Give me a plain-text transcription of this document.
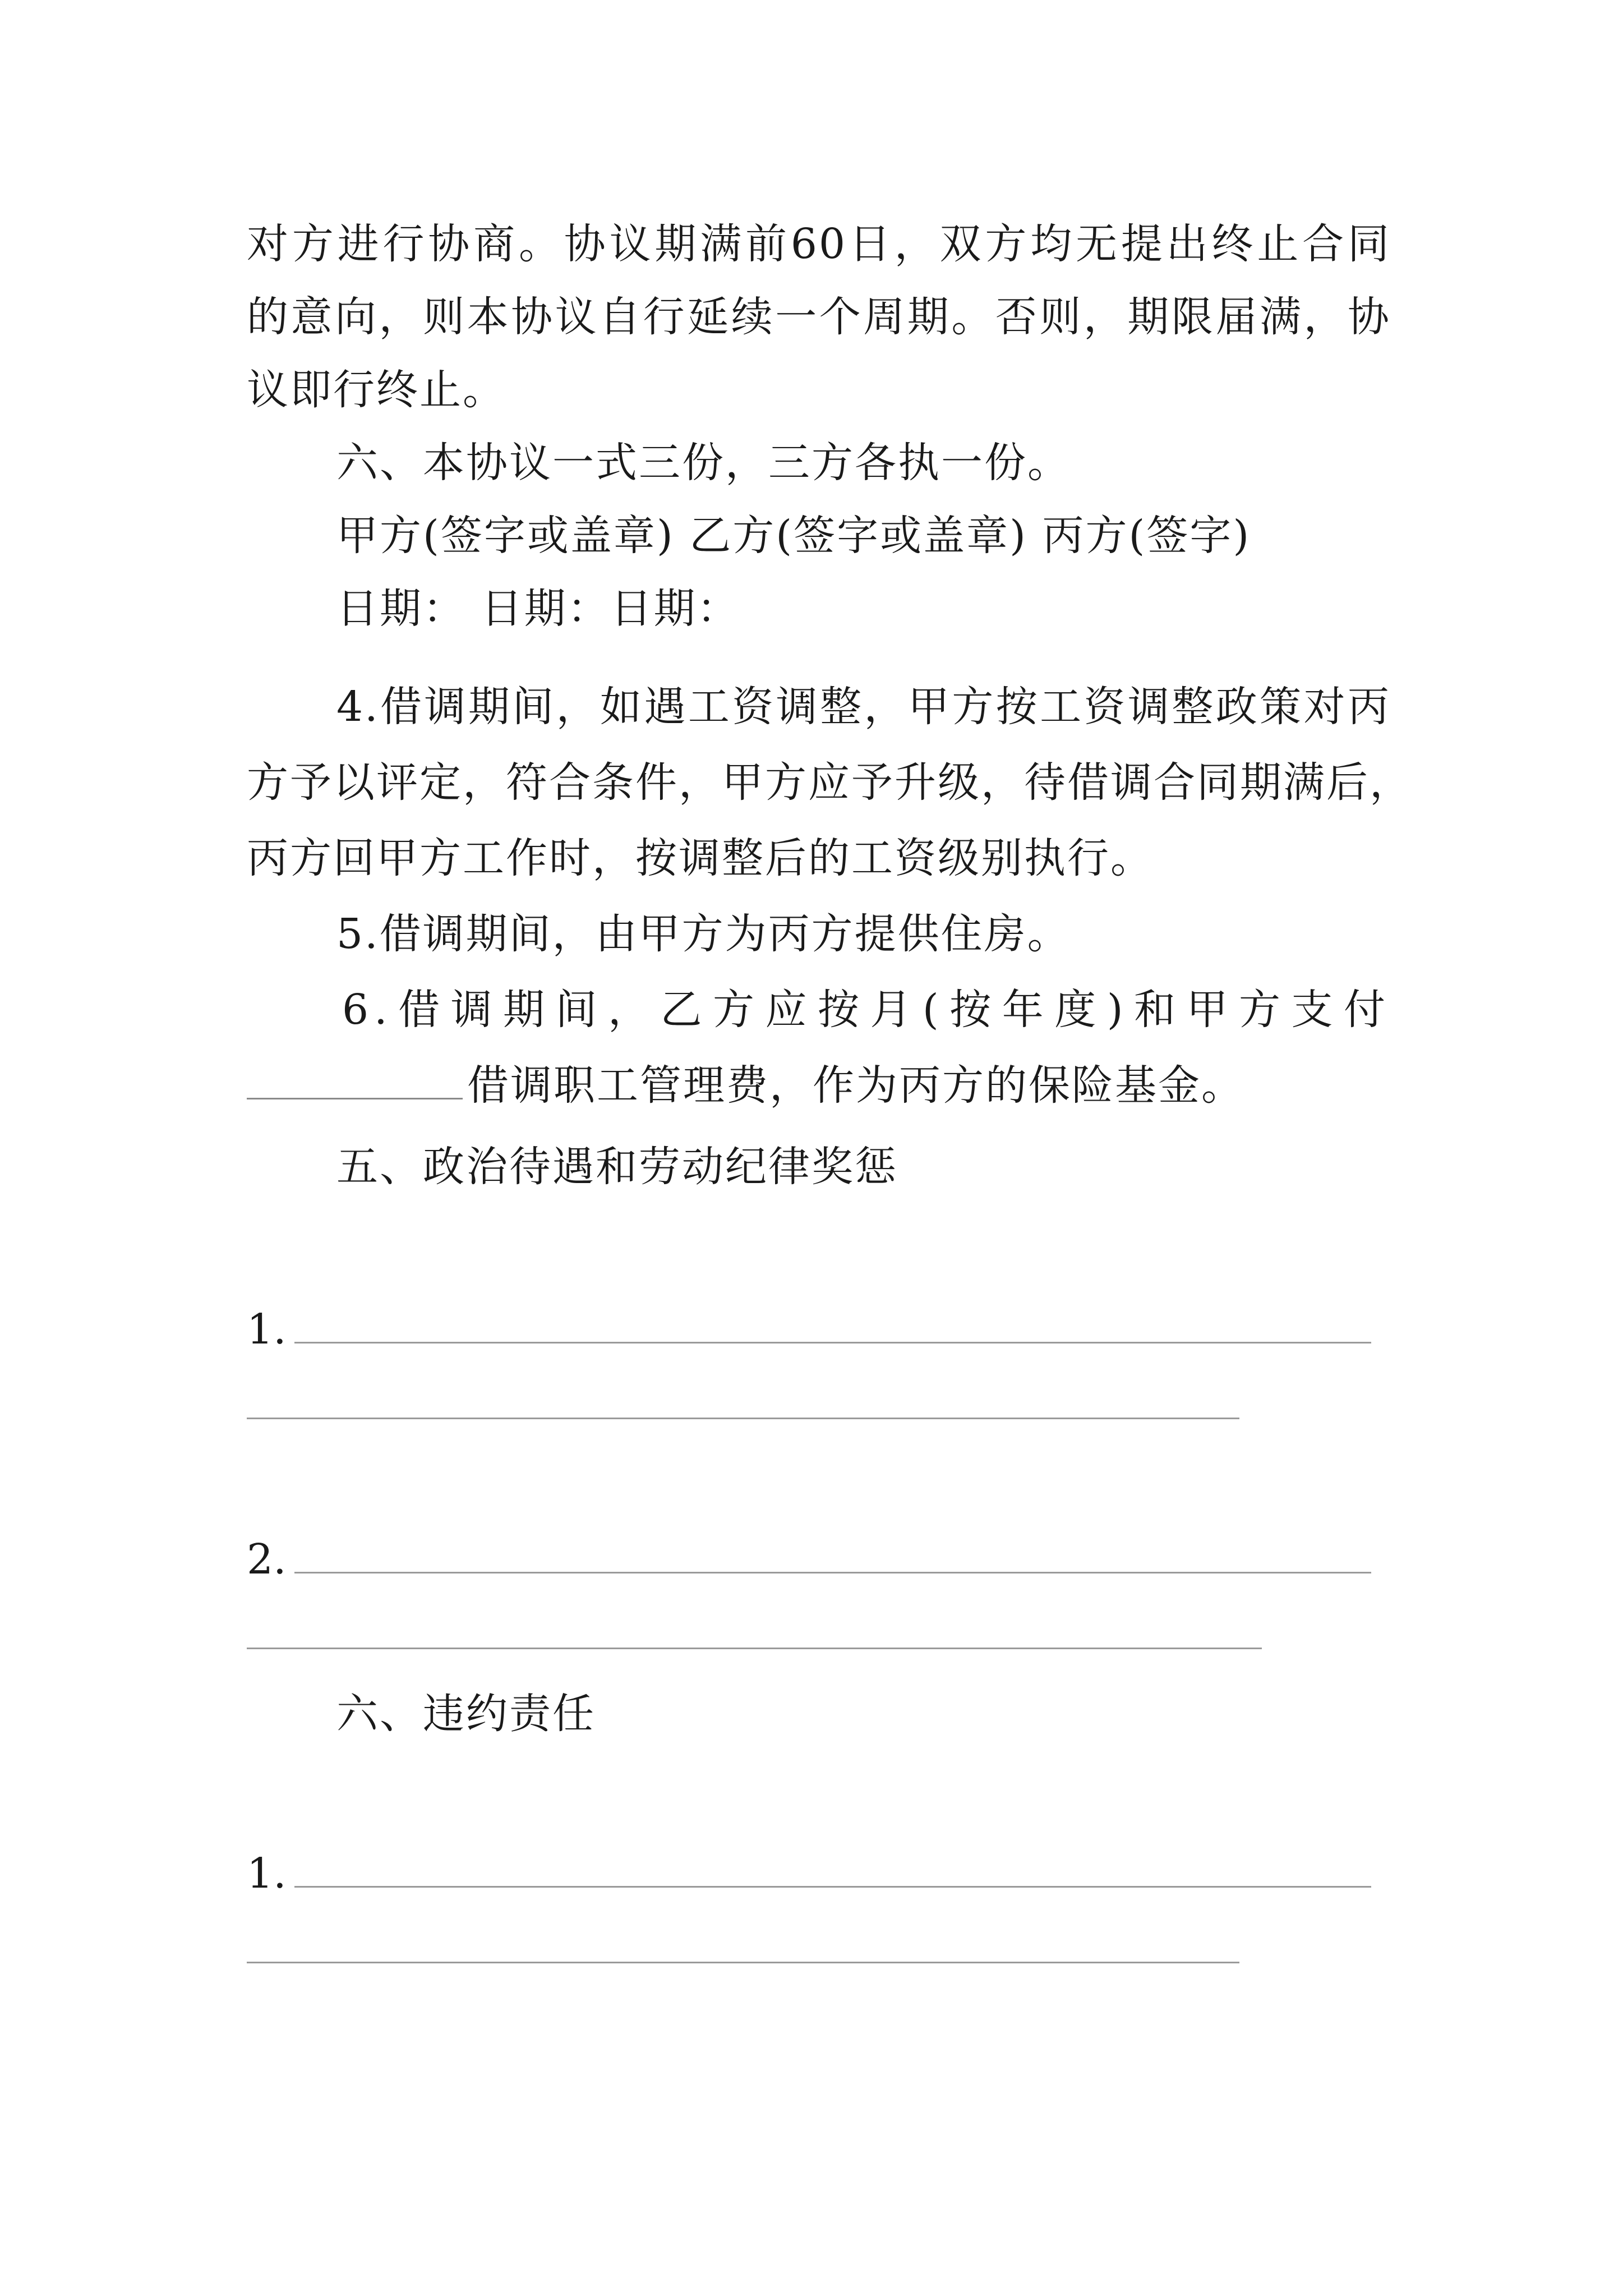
对方进行协商。协议期满前60日，双方均无提出终止合同
的意向，则本协议自行延续一个周期。否则，期限届满，协
议即行终止。
六、本协议一式三份，三方各执一份。
甲方(签字或盖章) 乙方(签字或盖章) 丙方(签字)
日期： 日期：日期：
4.借调期间，如遇工资调整，甲方按工资调整政策对丙
方予以评定，符合条件，甲方应予升级，待借调合同期满后，
丙方回甲方工作时，按调整后的工资级别执行。
5.借调期间，由甲方为丙方提供住房。
6.借调期间，乙方应按月(按年度)和甲方支付
借调职工管理费，作为丙方的保险基金。
五、政治待遇和劳动纪律奖惩
1.
2.
六、违约责任
1.
